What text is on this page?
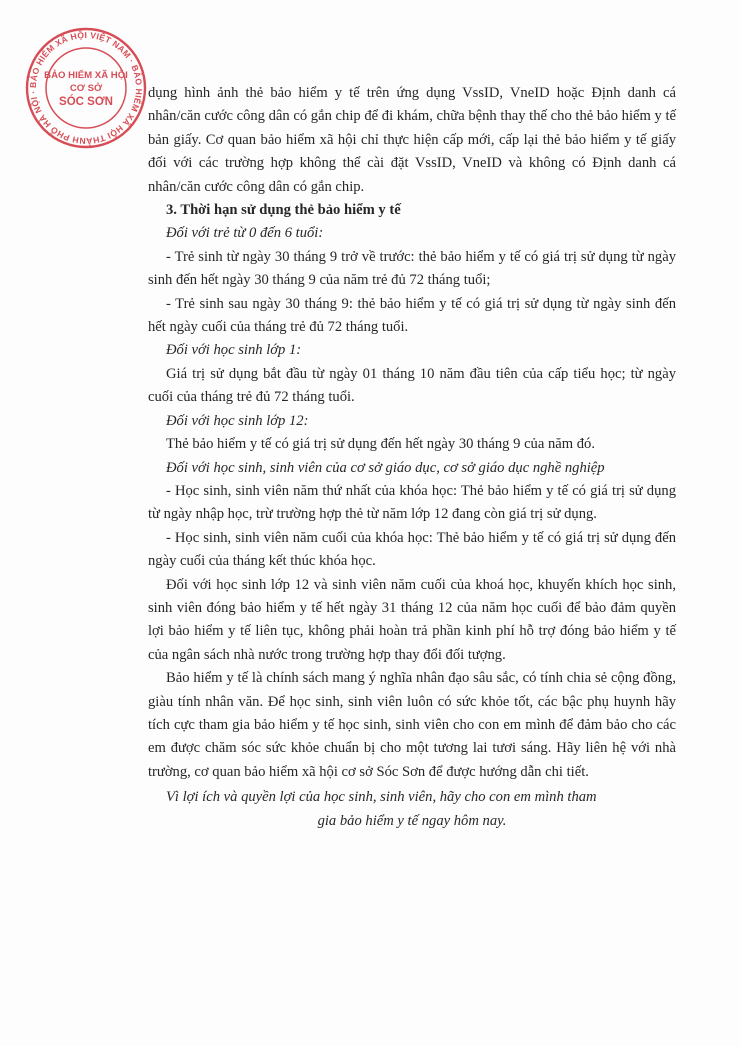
BẢO HIỂM XÃ HỘI VIỆT NAM · BẢO HIỂM XÃ HỘI THÀNH PHỐ HÀ NỘI ·
BẢO HIỂM XÃ HỘI
CƠ SỞ
SÓC SƠN

dụng hình ảnh thẻ bảo hiểm y tế trên ứng dụng VssID, VneID hoặc Định danh cá nhân/căn cước công dân có gắn chip để đi khám, chữa bệnh thay thế cho thẻ bảo hiểm y tế bản giấy. Cơ quan bảo hiểm xã hội chỉ thực hiện cấp mới, cấp lại thẻ bảo hiểm y tế giấy đối với các trường hợp không thể cài đặt VssID, VneID và không có Định danh cá nhân/căn cước công dân có gắn chip.

3. Thời hạn sử dụng thẻ bảo hiểm y tế

Đối với trẻ từ 0 đến 6 tuổi:

- Trẻ sinh từ ngày 30 tháng 9 trở về trước: thẻ bảo hiểm y tế có giá trị sử dụng từ ngày sinh đến hết ngày 30 tháng 9 của năm trẻ đủ 72 tháng tuổi;

- Trẻ sinh sau ngày 30 tháng 9: thẻ bảo hiểm y tế có giá trị sử dụng từ ngày sinh đến hết ngày cuối của tháng trẻ đủ 72 tháng tuổi.

Đối với học sinh lớp 1:

Giá trị sử dụng bắt đầu từ ngày 01 tháng 10 năm đầu tiên của cấp tiểu học; từ ngày cuối của tháng trẻ đủ 72 tháng tuổi.

Đối với học sinh lớp 12:

Thẻ bảo hiểm y tế có giá trị sử dụng đến hết ngày 30 tháng 9 của năm đó.

Đối với học sinh, sinh viên của cơ sở giáo dục, cơ sở giáo dục nghề nghiệp

- Học sinh, sinh viên năm thứ nhất của khóa học: Thẻ bảo hiểm y tế có giá trị sử dụng từ ngày nhập học, trừ trường hợp thẻ từ năm lớp 12 đang còn giá trị sử dụng.

- Học sinh, sinh viên năm cuối của khóa học: Thẻ bảo hiểm y tế có giá trị sử dụng đến ngày cuối của tháng kết thúc khóa học.

Đối với học sinh lớp 12 và sinh viên năm cuối của khoá học, khuyến khích học sinh, sinh viên đóng bảo hiểm y tế hết ngày 31 tháng 12 của năm học cuối để bảo đảm quyền lợi bảo hiểm y tế liên tục, không phải hoàn trả phần kinh phí hỗ trợ đóng bảo hiểm y tế của ngân sách nhà nước trong trường hợp thay đổi đối tượng.

Bảo hiểm y tế là chính sách mang ý nghĩa nhân đạo sâu sắc, có tính chia sẻ cộng đồng, giàu tính nhân văn. Để học sinh, sinh viên luôn có sức khỏe tốt, các bậc phụ huynh hãy tích cực tham gia bảo hiểm y tế học sinh, sinh viên cho con em mình để đảm bảo cho các em được chăm sóc sức khỏe chuẩn bị cho một tương lai tươi sáng. Hãy liên hệ với nhà trường, cơ quan bảo hiểm xã hội cơ sở Sóc Sơn để được hướng dẫn chi tiết.

Vì lợi ích và quyền lợi của học sinh, sinh viên, hãy cho con em mình tham

gia bảo hiểm y tế ngay hôm nay.
